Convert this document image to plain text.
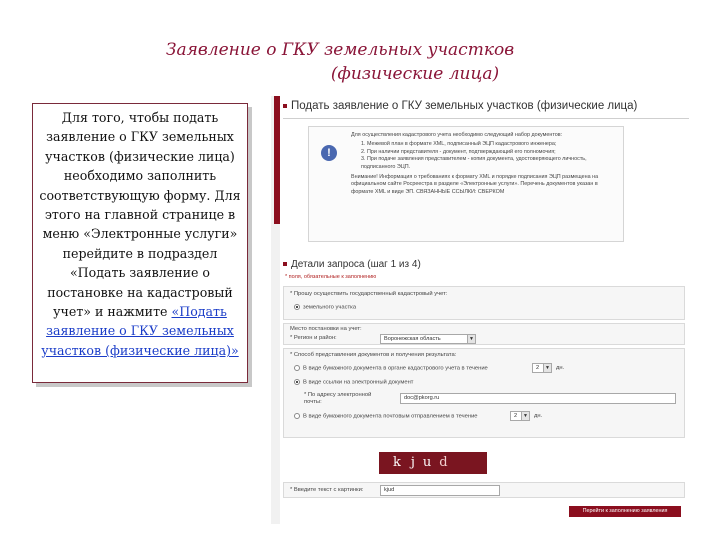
Заявление о ГКУ земельных участков
(физические лица)
Для того, чтобы подать заявление о ГКУ земельных участков (физические лица) необходимо заполнить соответствующую форму. Для этого на главной странице в меню «Электронные услуги» перейдите в подраздел «Подать заявление о постановке на кадастровый учет» и нажмите «Подать заявление о ГКУ земельных участков (физические лица)»
Подать заявление о ГКУ земельных участков (физические лица)
!

Для осуществления кадастрового учета необходимо следующий набор документов:

1. Межевой план в формате XML, подписанный ЭЦП кадастрового инженера;
2. При наличии представителя - документ, подтверждающий его полномочия;
3. При подаче заявления представителем - копия документа, удостоверяющего личность, подписанного ЭЦП.

Внимание! Информация о требованиях к формату XML и порядке подписания ЭЦП размещена на официальном сайте Росреестра в разделе «Электронные услуги». Перечень документов указан в формате XML и виде ЭП. СВЯЗАННЫЕ ССЫЛКИ: СВЕРКОМ

Детали запроса (шаг 1 из 4)
* поля, обязательные к заполнению
* Прошу осуществить государственный кадастровый учет:
земельного участка
Место постановки на учет:
* Регион и район:	Воронежская область	▼
* Способ представления документов и получения результата:
В виде бумажного документа в органе кадастрового учета в течение	2	▼ дн.
В виде ссылки на электронный документ
* По адресу электронной почты:
doc@pkorg.ru
В виде бумажного документа почтовым отправлением в течение	2	▼ дн.
k j u d
* Введите текст с картинки:	kjud
Перейти к заполнению заявления
